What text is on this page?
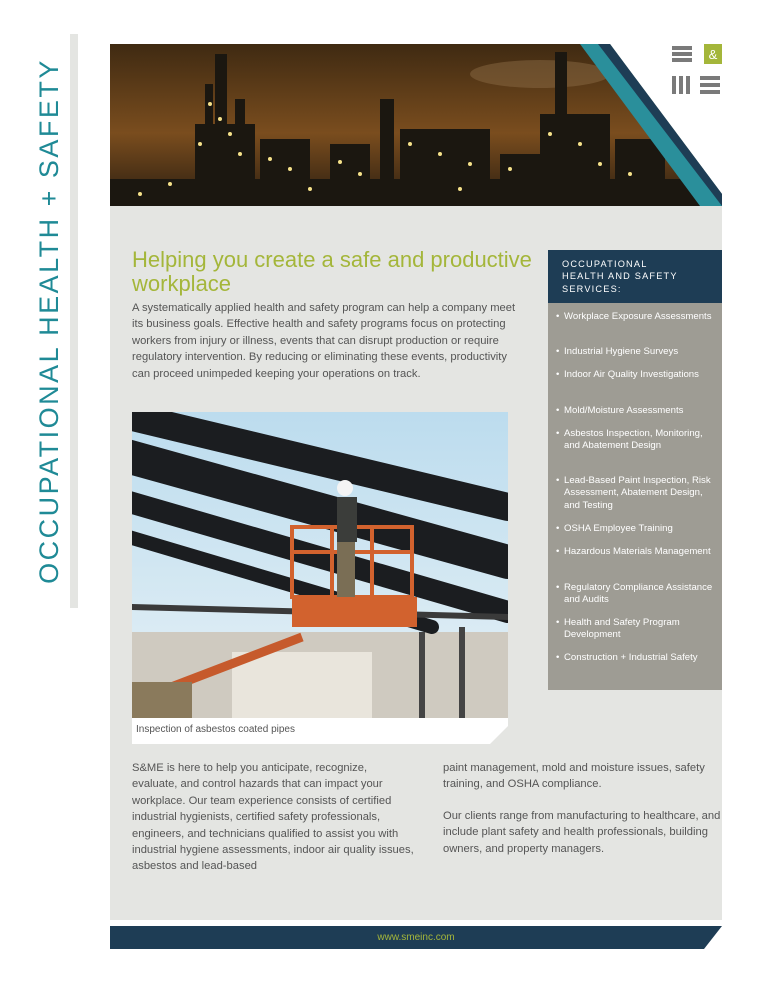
OCCUPATIONAL HEALTH + SAFETY
&
Helping you create a safe and productive workplace

A systematically applied health and safety program can help a company meet its business goals. Effective health and safety programs focus on protecting workers from injury or illness, events that can disrupt production or require regulatory intervention. By reducing or eliminating these events, productivity can proceed unimpeded keeping your operations on track.

Inspection of asbestos coated pipes
OCCUPATIONAL
HEALTH AND SAFETY
SERVICES:
• Workplace Exposure Assessments
• Industrial Hygiene Surveys
• Indoor Air Quality Investigations
• Mold/Moisture Assessments
• Asbestos Inspection, Monitoring, and Abatement Design
• Lead-Based Paint Inspection, Risk Assessment, Abatement Design, and Testing
• OSHA Employee Training
• Hazardous Materials Management
• Regulatory Compliance Assistance and Audits
• Health and Safety Program Development
• Construction + Industrial Safety

S&ME is here to help you anticipate, recognize, evaluate, and control hazards that can impact your workplace. Our team experience consists of certified industrial hygienists, certified safety professionals, engineers, and technicians qualified to assist you with industrial hygiene assessments, indoor air quality issues, asbestos and lead-based

paint management, mold and moisture issues, safety training, and OSHA compliance.

Our clients range from manufacturing to healthcare, and include plant safety and health professionals, building owners, and property managers.

www.smeinc.com
